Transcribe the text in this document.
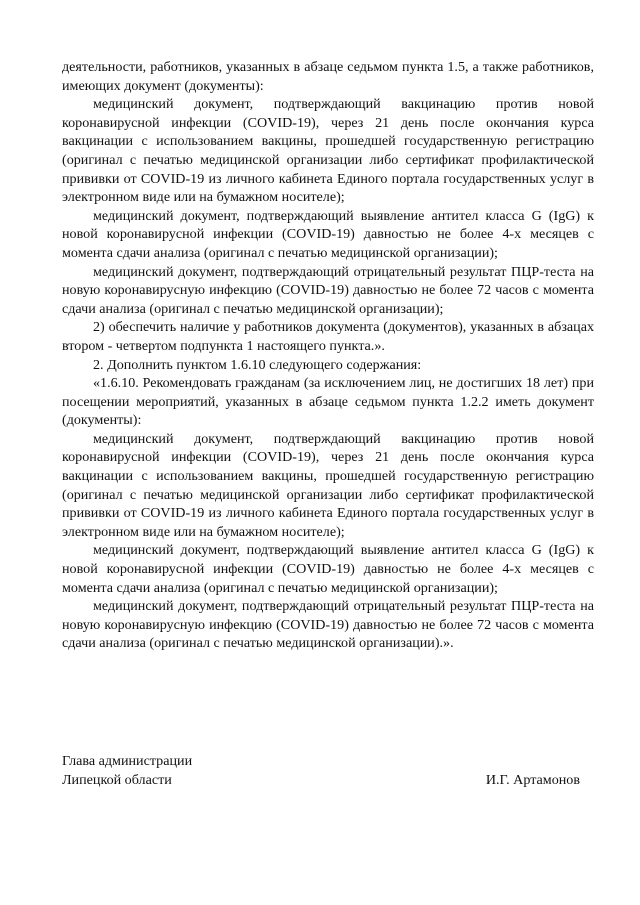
деятельности, работников, указанных в абзаце седьмом пункта 1.5, а также работников, имеющих документ (документы):

медицинский документ, подтверждающий вакцинацию против новой коронавирусной инфекции (COVID-19), через 21 день после окончания курса вакцинации с использованием вакцины, прошедшей государственную регистрацию (оригинал с печатью медицинской организации либо сертификат профилактической прививки от COVID-19 из личного кабинета Единого портала государственных услуг в электронном виде или на бумажном носителе);

медицинский документ, подтверждающий выявление антител класса G (IgG) к новой коронавирусной инфекции (COVID-19) давностью не более 4-х месяцев с момента сдачи анализа (оригинал с печатью медицинской организации);

медицинский документ, подтверждающий отрицательный результат ПЦР-теста на новую коронавирусную инфекцию (COVID-19) давностью не более 72 часов с момента сдачи анализа (оригинал с печатью медицинской организации);

2) обеспечить наличие у работников документа (документов), указанных в абзацах втором - четвертом подпункта 1 настоящего пункта.».

2. Дополнить пунктом 1.6.10 следующего содержания:

«1.6.10. Рекомендовать гражданам (за исключением лиц, не достигших 18 лет) при посещении мероприятий, указанных в абзаце седьмом пункта 1.2.2 иметь документ (документы):

медицинский документ, подтверждающий вакцинацию против новой коронавирусной инфекции (COVID-19), через 21 день после окончания курса вакцинации с использованием вакцины, прошедшей государственную регистрацию (оригинал с печатью медицинской организации либо сертификат профилактической прививки от COVID-19 из личного кабинета Единого портала государственных услуг в электронном виде или на бумажном носителе);

медицинский документ, подтверждающий выявление антител класса G (IgG) к новой коронавирусной инфекции (COVID-19) давностью не более 4-х месяцев с момента сдачи анализа (оригинал с печатью медицинской организации);

медицинский документ, подтверждающий отрицательный результат ПЦР-теста на новую коронавирусную инфекцию (COVID-19) давностью не более 72 часов с момента сдачи анализа (оригинал с печатью медицинской организации).».

Глава администрации
Липецкой области	И.Г. Артамонов
